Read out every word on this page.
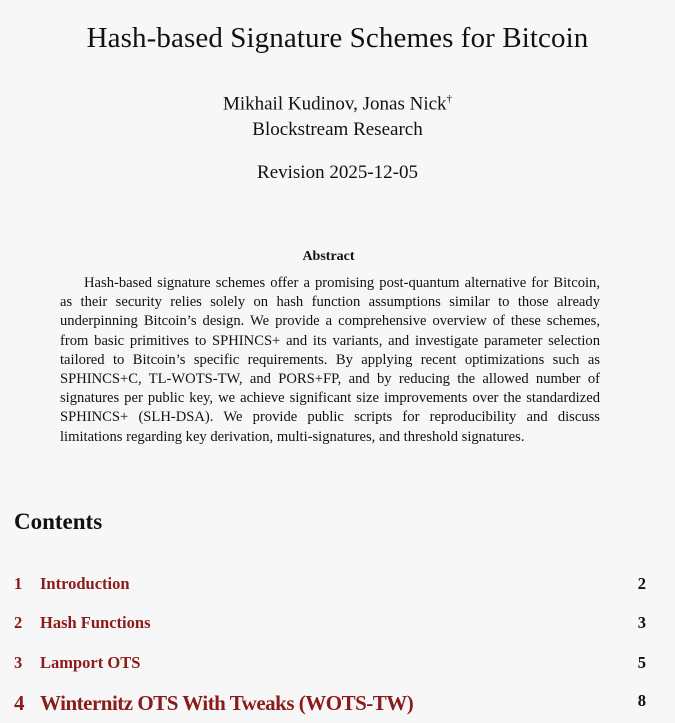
Hash-based Signature Schemes for Bitcoin
Mikhail Kudinov, Jonas Nick†
Blockstream Research
Revision 2025-12-05
Abstract
Hash-based signature schemes offer a promising post-quantum alternative for Bitcoin, as their security relies solely on hash function assumptions similar to those already underpinning Bitcoin’s design. We provide a comprehensive overview of these schemes, from basic primitives to SPHINCS+ and its variants, and investigate parameter selection tailored to Bitcoin’s specific requirements. By applying recent optimizations such as SPHINCS+C, TL-WOTS-TW, and PORS+FP, and by reducing the allowed number of signatures per public key, we achieve significant size improvements over the standardized SPHINCS+ (SLH-DSA). We provide public scripts for reproducibility and discuss limitations regarding key derivation, multi-signatures, and threshold signatures.
Contents
1 Introduction	2
2 Hash Functions	3
3 Lamport OTS	5
4 Winternitz OTS With Tweaks (WOTS-TW)	8
